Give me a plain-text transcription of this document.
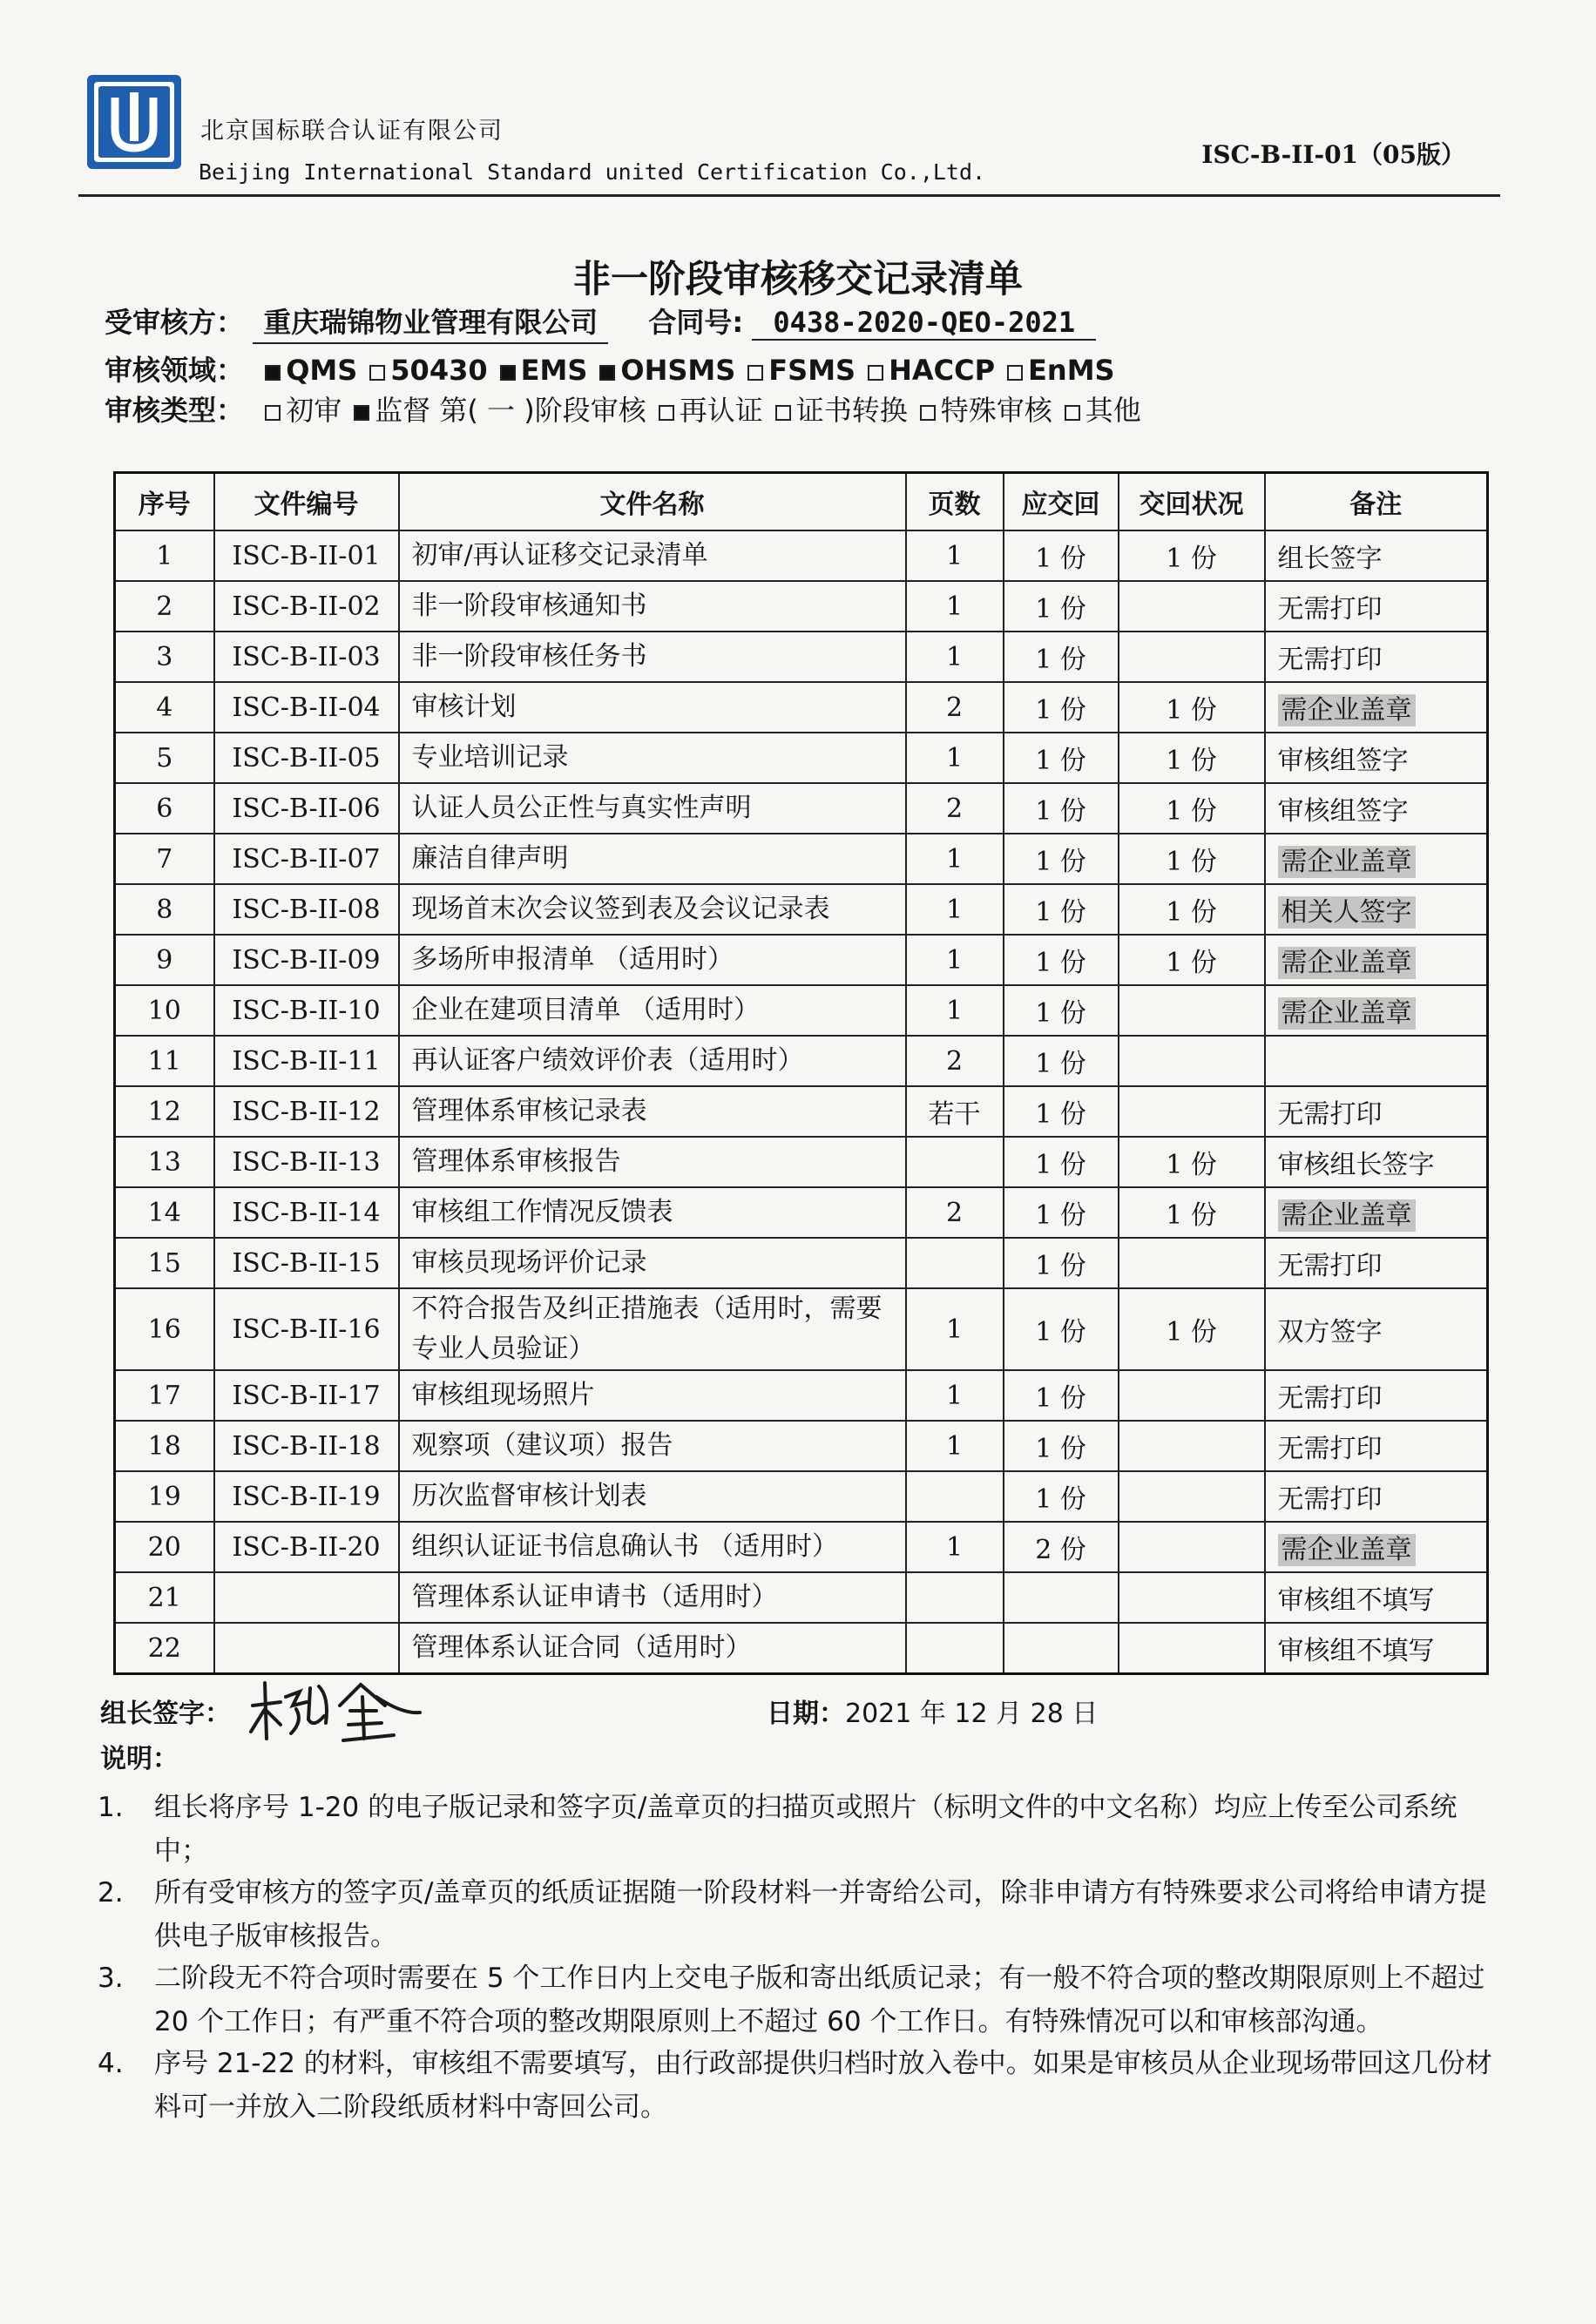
北京国标联合认证有限公司
Beijing International Standard united Certification Co.,Ltd.
ISC-B-II-01（05版）
非一阶段审核移交记录清单
受审核方： 重庆瑞锦物业管理有限公司 合同号: 0438-2020-QEO-2021
审核领域： QMS 50430 EMS OHSMS FSMS HACCP EnMS
审核类型： 初审 监督 第( 一 )阶段审核 再认证 证书转换 特殊审核 其他
序号	文件编号	文件名称	页数	应交回	交回状况	备注
1	ISC-B-II-01	初审/再认证移交记录清单	1	1 份	1 份	组长签字
2	ISC-B-II-02	非一阶段审核通知书	1	1 份		无需打印
3	ISC-B-II-03	非一阶段审核任务书	1	1 份		无需打印
4	ISC-B-II-04	审核计划	2	1 份	1 份	需企业盖章
5	ISC-B-II-05	专业培训记录	1	1 份	1 份	审核组签字
6	ISC-B-II-06	认证人员公正性与真实性声明	2	1 份	1 份	审核组签字
7	ISC-B-II-07	廉洁自律声明	1	1 份	1 份	需企业盖章
8	ISC-B-II-08	现场首末次会议签到表及会议记录表	1	1 份	1 份	相关人签字
9	ISC-B-II-09	多场所申报清单 （适用时）	1	1 份	1 份	需企业盖章
10	ISC-B-II-10	企业在建项目清单 （适用时）	1	1 份		需企业盖章
11	ISC-B-II-11	再认证客户绩效评价表（适用时）	2	1 份		
12	ISC-B-II-12	管理体系审核记录表	若干	1 份		无需打印
13	ISC-B-II-13	管理体系审核报告		1 份	1 份	审核组长签字
14	ISC-B-II-14	审核组工作情况反馈表	2	1 份	1 份	需企业盖章
15	ISC-B-II-15	审核员现场评价记录		1 份		无需打印
16	ISC-B-II-16	不符合报告及纠正措施表（适用时，需要专业人员验证）	1	1 份	1 份	双方签字
17	ISC-B-II-17	审核组现场照片	1	1 份		无需打印
18	ISC-B-II-18	观察项（建议项）报告	1	1 份		无需打印
19	ISC-B-II-19	历次监督审核计划表		1 份		无需打印
20	ISC-B-II-20	组织认证证书信息确认书 （适用时）	1	2 份		需企业盖章
21		管理体系认证申请书（适用时）				审核组不填写
22		管理体系认证合同（适用时）				审核组不填写
组长签字：	日期：2021 年 12 月 28 日
说明：
1.	组长将序号 1-20 的电子版记录和签字页/盖章页的扫描页或照片（标明文件的中文名称）均应上传至公司系统中；
2.	所有受审核方的签字页/盖章页的纸质证据随一阶段材料一并寄给公司，除非申请方有特殊要求公司将给申请方提供电子版审核报告。
3.	二阶段无不符合项时需要在 5 个工作日内上交电子版和寄出纸质记录；有一般不符合项的整改期限原则上不超过 20 个工作日；有严重不符合项的整改期限原则上不超过 60 个工作日。有特殊情况可以和审核部沟通。
4.	序号 21-22 的材料，审核组不需要填写，由行政部提供归档时放入卷中。如果是审核员从企业现场带回这几份材料可一并放入二阶段纸质材料中寄回公司。
